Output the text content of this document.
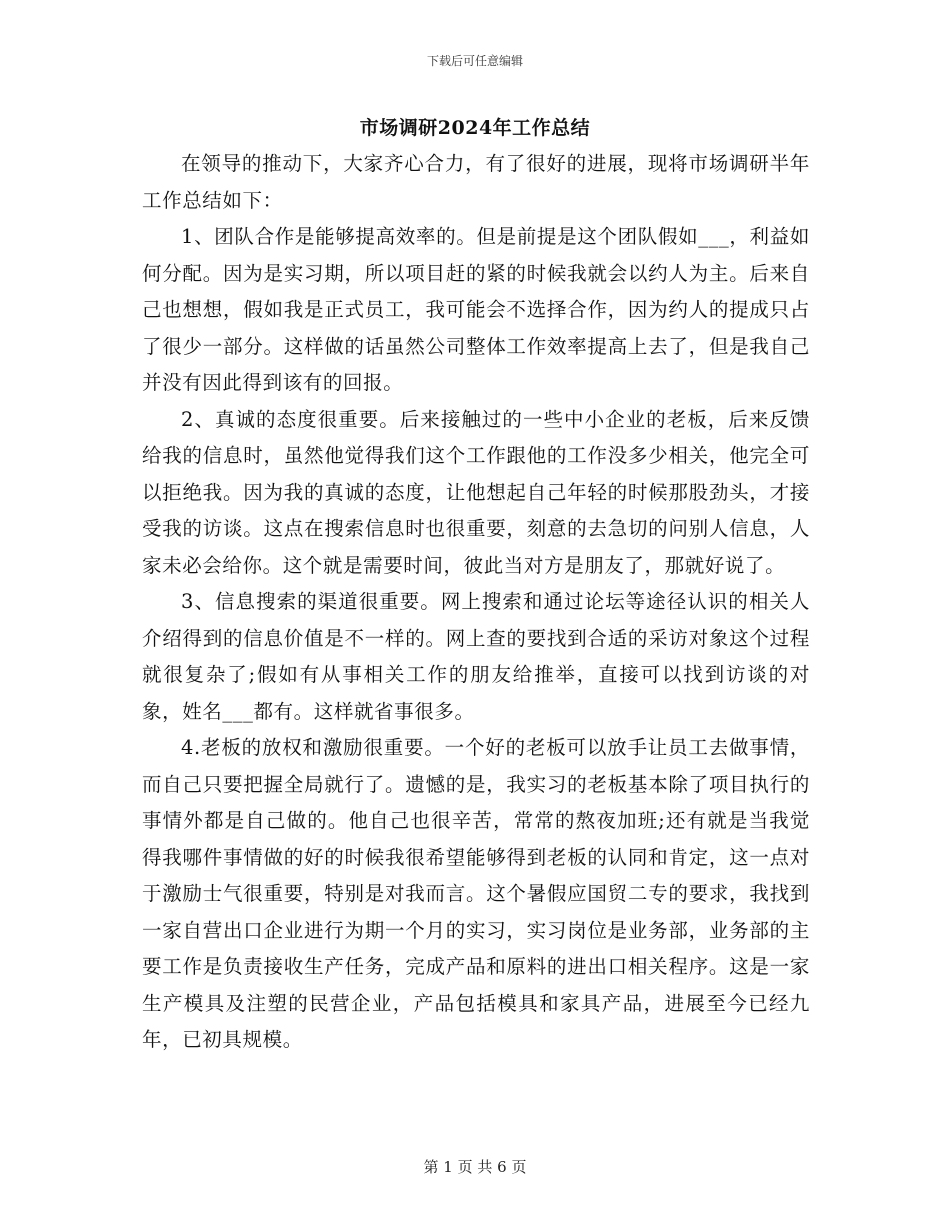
下载后可任意编辑
市场调研2024年工作总结

在领导的推动下，大家齐心合力，有了很好的进展，现将市场调研半年工作总结如下：

1、团队合作是能够提高效率的。但是前提是这个团队假如___，利益如何分配。因为是实习期，所以项目赶的紧的时候我就会以约人为主。后来自己也想想，假如我是正式员工，我可能会不选择合作，因为约人的提成只占了很少一部分。这样做的话虽然公司整体工作效率提高上去了，但是我自己并没有因此得到该有的回报。

2、真诚的态度很重要。后来接触过的一些中小企业的老板，后来反馈给我的信息时，虽然他觉得我们这个工作跟他的工作没多少相关，他完全可以拒绝我。因为我的真诚的态度，让他想起自己年轻的时候那股劲头，才接受我的访谈。这点在搜索信息时也很重要，刻意的去急切的问别人信息，人家未必会给你。这个就是需要时间，彼此当对方是朋友了，那就好说了。

3、信息搜索的渠道很重要。网上搜索和通过论坛等途径认识的相关人介绍得到的信息价值是不一样的。网上查的要找到合适的采访对象这个过程就很复杂了;假如有从事相关工作的朋友给推举，直接可以找到访谈的对象，姓名___都有。这样就省事很多。

4.老板的放权和激励很重要。一个好的老板可以放手让员工去做事情，而自己只要把握全局就行了。遗憾的是，我实习的老板基本除了项目执行的事情外都是自己做的。他自己也很辛苦，常常的熬夜加班;还有就是当我觉得我哪件事情做的好的时候我很希望能够得到老板的认同和肯定，这一点对于激励士气很重要，特别是对我而言。这个暑假应国贸二专的要求，我找到一家自营出口企业进行为期一个月的实习，实习岗位是业务部，业务部的主要工作是负责接收生产任务，完成产品和原料的进出口相关程序。这是一家生产模具及注塑的民营企业，产品包括模具和家具产品，进展至今已经九年，已初具规模。

第 1 页 共 6 页
